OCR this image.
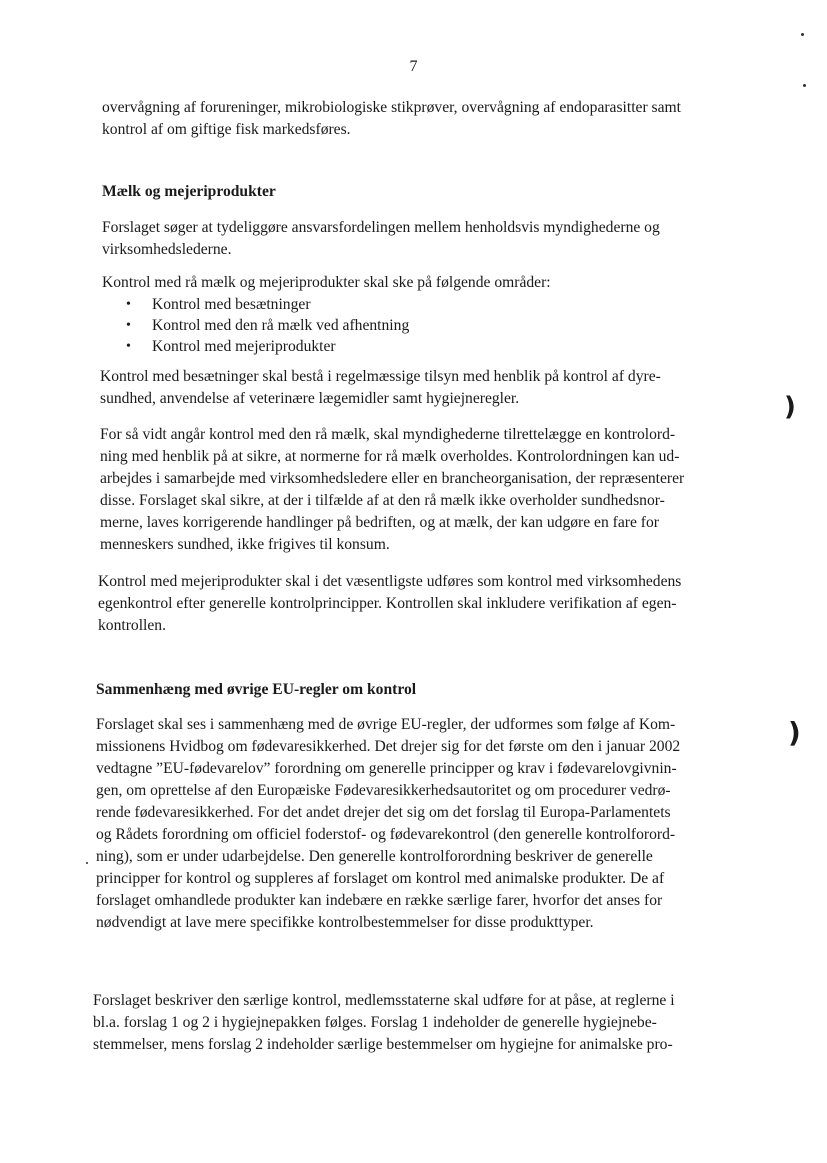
7
overvågning af forureninger, mikrobiologiske stikprøver, overvågning af endoparasitter samt
kontrol af om giftige fisk markedsføres.
Mælk og mejeriprodukter
Forslaget søger at tydeliggøre ansvarsfordelingen mellem henholdsvis myndighederne og
virksomhedslederne.
Kontrol med rå mælk og mejeriprodukter skal ske på følgende områder:
•	Kontrol med besætninger
•	Kontrol med den rå mælk ved afhentning
•	Kontrol med mejeriprodukter
Kontrol med besætninger skal bestå i regelmæssige tilsyn med henblik på kontrol af dyre-
sundhed, anvendelse af veterinære lægemidler samt hygiejneregler.
For så vidt angår kontrol med den rå mælk, skal myndighederne tilrettelægge en kontrolord-
ning med henblik på at sikre, at normerne for rå mælk overholdes. Kontrolordningen kan ud-
arbejdes i samarbejde med virksomhedsledere eller en brancheorganisation, der repræsenterer
disse. Forslaget skal sikre, at der i tilfælde af at den rå mælk ikke overholder sundhedsnor-
merne, laves korrigerende handlinger på bedriften, og at mælk, der kan udgøre en fare for
menneskers sundhed, ikke frigives til konsum.
Kontrol med mejeriprodukter skal i det væsentligste udføres som kontrol med virksomhedens
egenkontrol efter generelle kontrolprincipper. Kontrollen skal inkludere verifikation af egen-
kontrollen.
Sammenhæng med øvrige EU-regler om kontrol
Forslaget skal ses i sammenhæng med de øvrige EU-regler, der udformes som følge af Kom-
missionens Hvidbog om fødevaresikkerhed. Det drejer sig for det første om den i januar 2002
vedtagne ”EU-fødevarelov” forordning om generelle principper og krav i fødevarelovgivnin-
gen, om oprettelse af den Europæiske Fødevaresikkerhedsautoritet og om procedurer vedrø-
rende fødevaresikkerhed. For det andet drejer det sig om det forslag til Europa-Parlamentets
og Rådets forordning om officiel foderstof- og fødevarekontrol (den generelle kontrolforord-
ning), som er under udarbejdelse. Den generelle kontrolforordning beskriver de generelle
principper for kontrol og suppleres af forslaget om kontrol med animalske produkter. De af
forslaget omhandlede produkter kan indebære en række særlige farer, hvorfor det anses for
nødvendigt at lave mere specifikke kontrolbestemmelser for disse produkttyper.
Forslaget beskriver den særlige kontrol, medlemsstaterne skal udføre for at påse, at reglerne i
bl.a. forslag 1 og 2 i hygiejnepakken følges. Forslag 1 indeholder de generelle hygiejnebe-
stemmelser, mens forslag 2 indeholder særlige bestemmelser om hygiejne for animalske pro-
)
)
